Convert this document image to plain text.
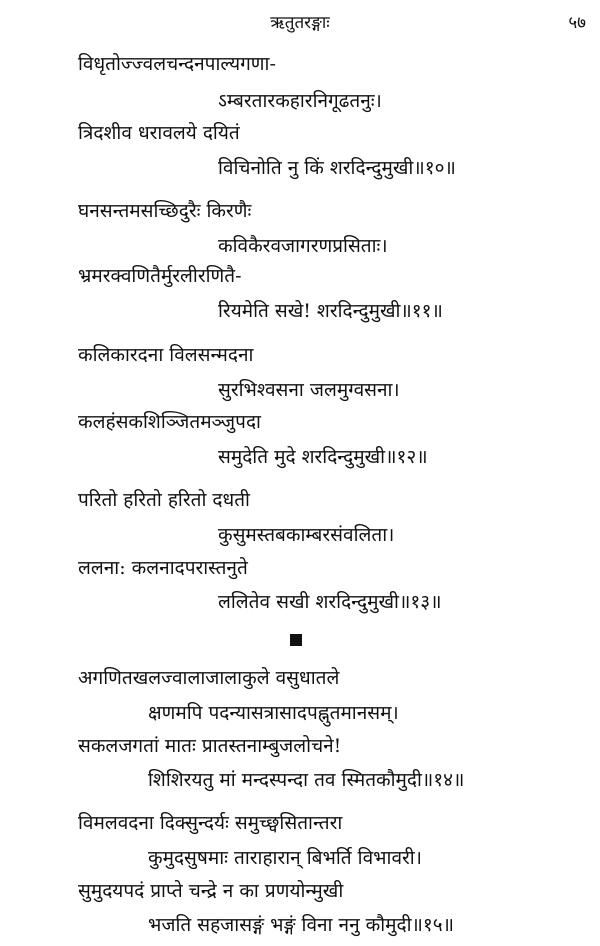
ऋतुतरङ्गाः	५७
विधृतोज्ज्वलचन्दनपाल्यगणा-
ऽम्बरतारकहारनिगूढतनुः।
त्रिदशीव धरावलये दयितं
विचिनोति नु किं शरदिन्दुमुखी॥१०॥
घनसन्तमसच्छिदुरैः किरणैः
कविकैरवजागरणप्रसिताः।
भ्रमरक्वणितैर्मुरलीरणितै-
रियमेति सखे! शरदिन्दुमुखी॥११॥
कलिकारदना विलसन्मदना
सुरभिश्वसना जलमुग्वसना।
कलहंसकशिञ्जितमञ्जुपदा
समुदेति मुदे शरदिन्दुमुखी॥१२॥
परितो हरितो हरितो दधती
कुसुमस्तबकाम्बरसंवलिता।
ललना: कलनादपरास्तनुते
ललितेव सखी शरदिन्दुमुखी॥१३॥
अगणितखलज्वालाजालाकुले वसुधातले
क्षणमपि पदन्यासत्रासादपह्नुतमानसम्।
सकलजगतां मातः प्रातस्तनाम्बुजलोचने!
शिशिरयतु मां मन्दस्पन्दा तव स्मितकौमुदी॥१४॥
विमलवदना दिक्सुन्दर्यः समुच्छ्वसितान्तरा
कुमुदसुषमाः ताराहारान् बिभर्ति विभावरी।
सुमुदयपदं प्राप्ते चन्द्रे न का प्रणयोन्मुखी
भजति सहजासङ्गं भङ्गं विना ननु कौमुदी॥१५॥
